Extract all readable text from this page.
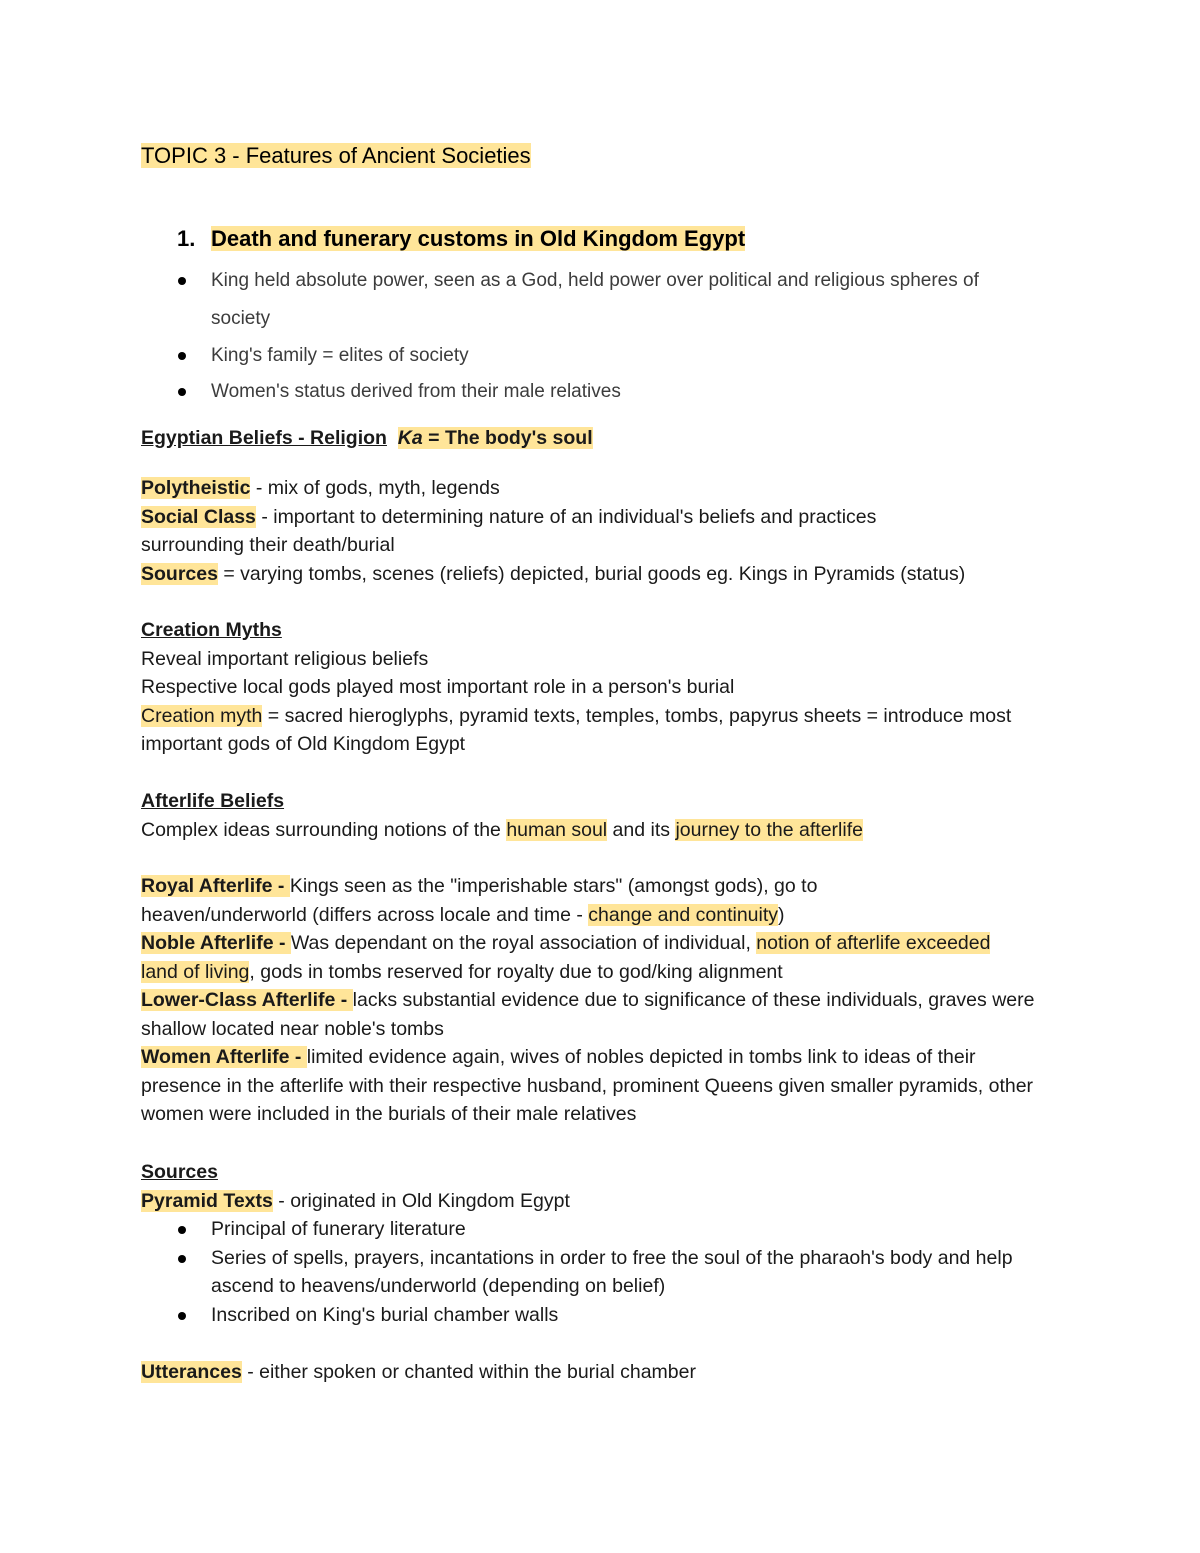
TOPIC 3 - Features of Ancient Societies
1. Death and funerary customs in Old Kingdom Egypt
King held absolute power, seen as a God, held power over political and religious spheres of society
King's family = elites of society
Women's status derived from their male relatives
Egyptian Beliefs - Religion Ka = The body's soul
Polytheistic - mix of gods, myth, legends
Social Class - important to determining nature of an individual's beliefs and practices surrounding their death/burial
Sources = varying tombs, scenes (reliefs) depicted, burial goods eg. Kings in Pyramids (status)
Creation Myths
Reveal important religious beliefs
Respective local gods played most important role in a person's burial
Creation myth = sacred hieroglyphs, pyramid texts, temples, tombs, papyrus sheets = introduce most important gods of Old Kingdom Egypt
Afterlife Beliefs
Complex ideas surrounding notions of the human soul and its journey to the afterlife
Royal Afterlife - Kings seen as the "imperishable stars" (amongst gods), go to heaven/underworld (differs across locale and time - change and continuity)
Noble Afterlife - Was dependant on the royal association of individual, notion of afterlife exceeded land of living, gods in tombs reserved for royalty due to god/king alignment
Lower-Class Afterlife - lacks substantial evidence due to significance of these individuals, graves were shallow located near noble's tombs
Women Afterlife - limited evidence again, wives of nobles depicted in tombs link to ideas of their presence in the afterlife with their respective husband, prominent Queens given smaller pyramids, other women were included in the burials of their male relatives
Sources
Pyramid Texts - originated in Old Kingdom Egypt
Principal of funerary literature
Series of spells, prayers, incantations in order to free the soul of the pharaoh's body and help ascend to heavens/underworld (depending on belief)
Inscribed on King's burial chamber walls
Utterances - either spoken or chanted within the burial chamber
